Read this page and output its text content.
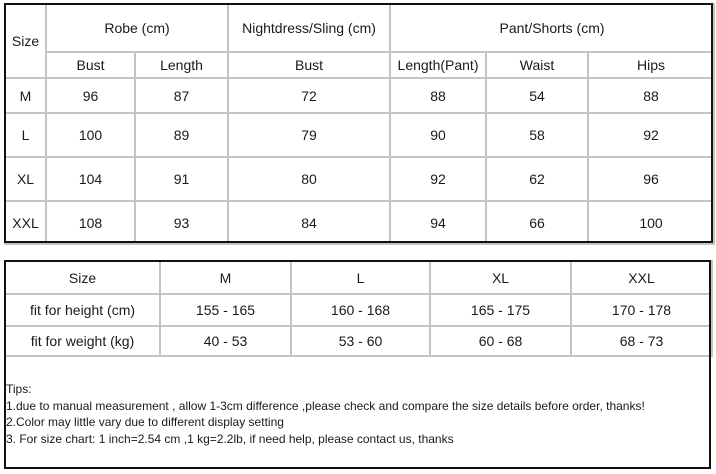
Size	Robe (cm)		Nightdress/Sling (cm)	Pant/Shorts (cm)		
	Bust	Length	Bust	Length(Pant)	Waist	Hips
M	96	87	72	88	54	88
L	100	89	79	90	58	92
XL	104	91	80	92	62	96
XXL	108	93	84	94	66	100
Size	M	L	XL	XXL
fit for height (cm)	155 - 165	160 - 168	165 - 175	170 - 178
fit for weight (kg)	40 - 53	53 - 60	60 - 68	68 - 73
Tips:
1.due to manual measurement , allow 1-3cm difference ,please check and compare the size details before order, thanks!
2.Color may little vary due to different display setting
3. For size chart: 1 inch=2.54 cm ,1 kg=2.2lb, if need help, please contact us, thanks
